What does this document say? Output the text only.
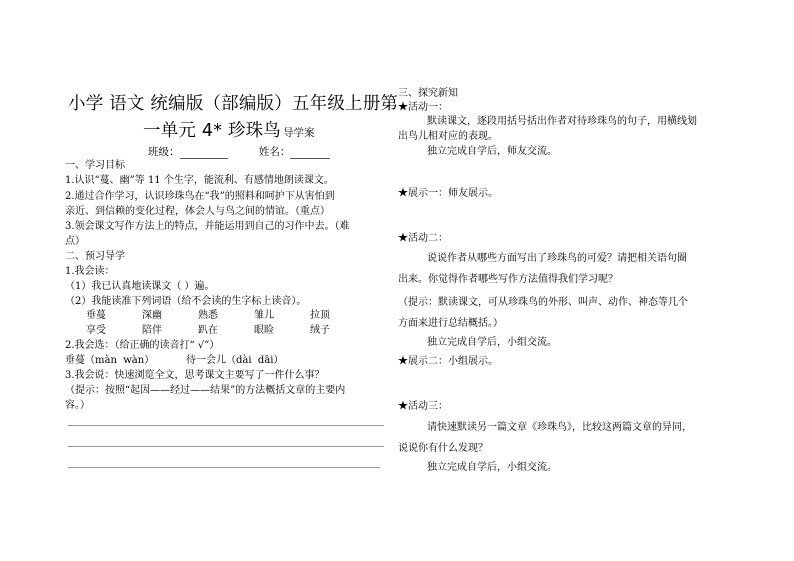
小学 语文 统编版（部编版）五年级上册第
一单元 4* 珍珠鸟 导学案
班级：	姓名：
一、学习目标
1.认识“蔓、幽”等 11 个生字，能流利、有感情地朗读课文。
2.通过合作学习，认识珍珠鸟在“我”的照料和呵护下从害怕到
亲近、到信赖的变化过程，体会人与鸟之间的情谊。（重点）
3.领会课文写作方法上的特点，并能运用到自己的习作中去。（难
点）
二、预习导学
1.我会读：
（1）我已认真地读课文（ ）遍。
（2）我能读准下列词语（给不会读的生字标上读音）。
垂蔓	深幽	熟悉	雏儿	拉顶
享受	陪伴	趴在	眼睑	绒子
2.我会选：（给正确的读音打“ √”）
垂蔓（màn  wàn）          待一会儿（dài  dāi）
3.我会说：快速浏览全文，思考课文主要写了一件什么事？
（提示：按照“起因——经过——结果”的方法概括文章的主要内
容。）
三、探究新知
★活动一：
默读课文，逐段用括号括出作者对待珍珠鸟的句子，用横线划
出鸟儿相对应的表现。
独立完成自学后，师友交流。
★展示一：师友展示。
★活动二：
说说作者从哪些方面写出了珍珠鸟的可爱？请把相关语句圈
出来。你觉得作者哪些写作方法值得我们学习呢？
（提示：默读课文，可从珍珠鸟的外形、叫声、动作、神态等几个
方面来进行总结概括。）
独立完成自学后，小组交流。
★展示二：小组展示。
★活动三：
请快速默读另一篇文章《珍珠鸟》，比较这两篇文章的异同，
说说你有什么发现？
独立完成自学后，小组交流。
